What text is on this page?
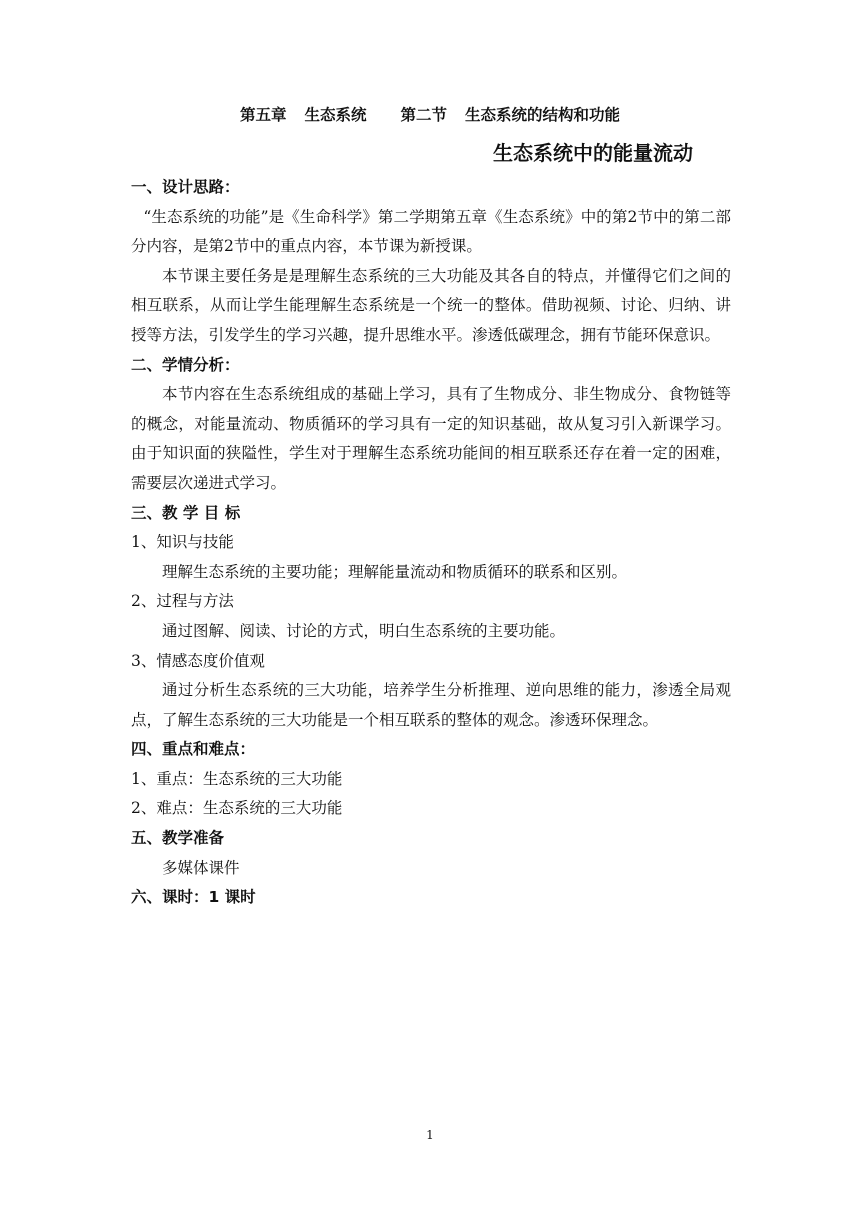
第五章 生态系统 第二节 生态系统的结构和功能
生态系统中的能量流动
一、设计思路：
“生态系统的功能”是《生命科学》第二学期第五章《生态系统》中的第2节中的第二部分内容，是第2节中的重点内容，本节课为新授课。
本节课主要任务是是理解生态系统的三大功能及其各自的特点，并懂得它们之间的相互联系，从而让学生能理解生态系统是一个统一的整体。借助视频、讨论、归纳、讲授等方法，引发学生的学习兴趣，提升思维水平。渗透低碳理念，拥有节能环保意识。
二、学情分析：
本节内容在生态系统组成的基础上学习，具有了生物成分、非生物成分、食物链等的概念，对能量流动、物质循环的学习具有一定的知识基础，故从复习引入新课学习。由于知识面的狭隘性，学生对于理解生态系统功能间的相互联系还存在着一定的困难，需要层次递进式学习。
三、教 学 目 标
1、知识与技能
理解生态系统的主要功能；理解能量流动和物质循环的联系和区别。
2、过程与方法
通过图解、阅读、讨论的方式，明白生态系统的主要功能。
3、情感态度价值观
通过分析生态系统的三大功能，培养学生分析推理、逆向思维的能力，渗透全局观点，了解生态系统的三大功能是一个相互联系的整体的观念。渗透环保理念。
四、重点和难点：
1、重点：生态系统的三大功能
2、难点：生态系统的三大功能
五、教学准备
多媒体课件
六、课时：1 课时
1
